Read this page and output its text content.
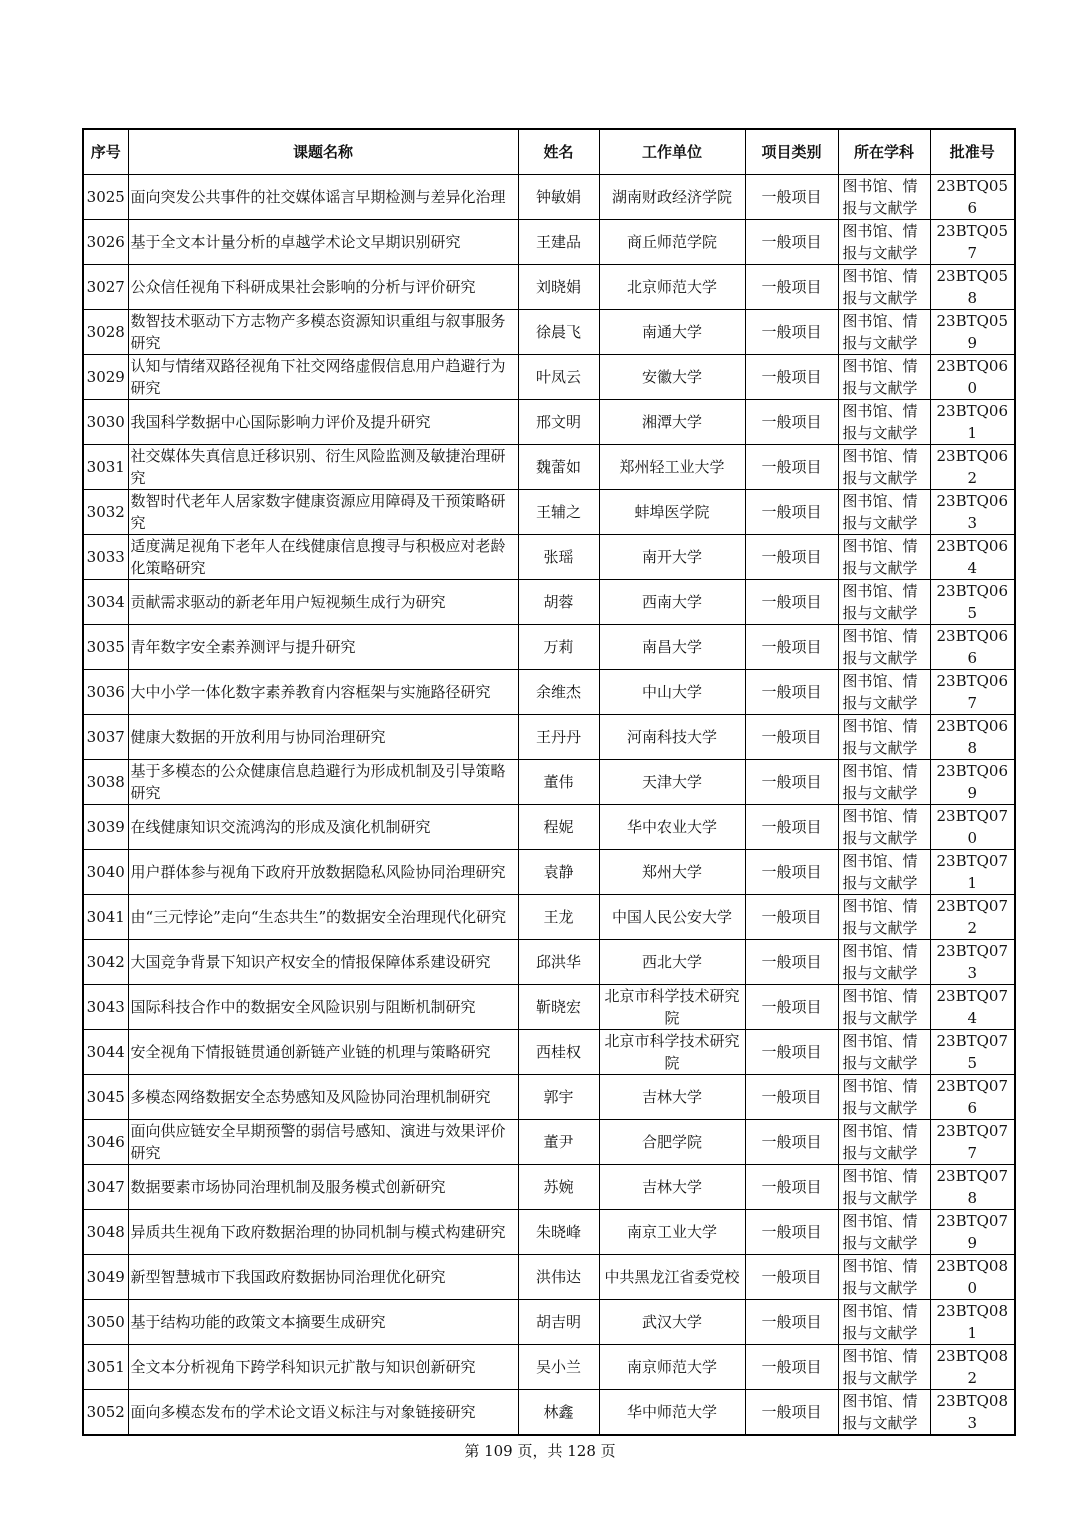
序号	课题名称	姓名	工作单位	项目类别	所在学科	批准号
3025	面向突发公共事件的社交媒体谣言早期检测与差异化治理	钟敏娟	湖南财政经济学院	一般项目	图书馆、情报与文献学	23BTQ056
3026	基于全文本计量分析的卓越学术论文早期识别研究	王建品	商丘师范学院	一般项目	图书馆、情报与文献学	23BTQ057
3027	公众信任视角下科研成果社会影响的分析与评价研究	刘晓娟	北京师范大学	一般项目	图书馆、情报与文献学	23BTQ058
3028	数智技术驱动下方志物产多模态资源知识重组与叙事服务研究	徐晨飞	南通大学	一般项目	图书馆、情报与文献学	23BTQ059
3029	认知与情绪双路径视角下社交网络虚假信息用户趋避行为研究	叶凤云	安徽大学	一般项目	图书馆、情报与文献学	23BTQ060
3030	我国科学数据中心国际影响力评价及提升研究	邢文明	湘潭大学	一般项目	图书馆、情报与文献学	23BTQ061
3031	社交媒体失真信息迁移识别、衍生风险监测及敏捷治理研究	魏蕾如	郑州轻工业大学	一般项目	图书馆、情报与文献学	23BTQ062
3032	数智时代老年人居家数字健康资源应用障碍及干预策略研究	王辅之	蚌埠医学院	一般项目	图书馆、情报与文献学	23BTQ063
3033	适度满足视角下老年人在线健康信息搜寻与积极应对老龄化策略研究	张瑶	南开大学	一般项目	图书馆、情报与文献学	23BTQ064
3034	贡献需求驱动的新老年用户短视频生成行为研究	胡蓉	西南大学	一般项目	图书馆、情报与文献学	23BTQ065
3035	青年数字安全素养测评与提升研究	万莉	南昌大学	一般项目	图书馆、情报与文献学	23BTQ066
3036	大中小学一体化数字素养教育内容框架与实施路径研究	余维杰	中山大学	一般项目	图书馆、情报与文献学	23BTQ067
3037	健康大数据的开放利用与协同治理研究	王丹丹	河南科技大学	一般项目	图书馆、情报与文献学	23BTQ068
3038	基于多模态的公众健康信息趋避行为形成机制及引导策略研究	董伟	天津大学	一般项目	图书馆、情报与文献学	23BTQ069
3039	在线健康知识交流鸿沟的形成及演化机制研究	程妮	华中农业大学	一般项目	图书馆、情报与文献学	23BTQ070
3040	用户群体参与视角下政府开放数据隐私风险协同治理研究	袁静	郑州大学	一般项目	图书馆、情报与文献学	23BTQ071
3041	由“三元悖论”走向“生态共生”的数据安全治理现代化研究	王龙	中国人民公安大学	一般项目	图书馆、情报与文献学	23BTQ072
3042	大国竞争背景下知识产权安全的情报保障体系建设研究	邱洪华	西北大学	一般项目	图书馆、情报与文献学	23BTQ073
3043	国际科技合作中的数据安全风险识别与阻断机制研究	靳晓宏	北京市科学技术研究院	一般项目	图书馆、情报与文献学	23BTQ074
3044	安全视角下情报链贯通创新链产业链的机理与策略研究	西桂权	北京市科学技术研究院	一般项目	图书馆、情报与文献学	23BTQ075
3045	多模态网络数据安全态势感知及风险协同治理机制研究	郭宇	吉林大学	一般项目	图书馆、情报与文献学	23BTQ076
3046	面向供应链安全早期预警的弱信号感知、演进与效果评价研究	董尹	合肥学院	一般项目	图书馆、情报与文献学	23BTQ077
3047	数据要素市场协同治理机制及服务模式创新研究	苏婉	吉林大学	一般项目	图书馆、情报与文献学	23BTQ078
3048	异质共生视角下政府数据治理的协同机制与模式构建研究	朱晓峰	南京工业大学	一般项目	图书馆、情报与文献学	23BTQ079
3049	新型智慧城市下我国政府数据协同治理优化研究	洪伟达	中共黑龙江省委党校	一般项目	图书馆、情报与文献学	23BTQ080
3050	基于结构功能的政策文本摘要生成研究	胡吉明	武汉大学	一般项目	图书馆、情报与文献学	23BTQ081
3051	全文本分析视角下跨学科知识元扩散与知识创新研究	吴小兰	南京师范大学	一般项目	图书馆、情报与文献学	23BTQ082
3052	面向多模态发布的学术论文语义标注与对象链接研究	林鑫	华中师范大学	一般项目	图书馆、情报与文献学	23BTQ083
第 109 页，共 128 页
